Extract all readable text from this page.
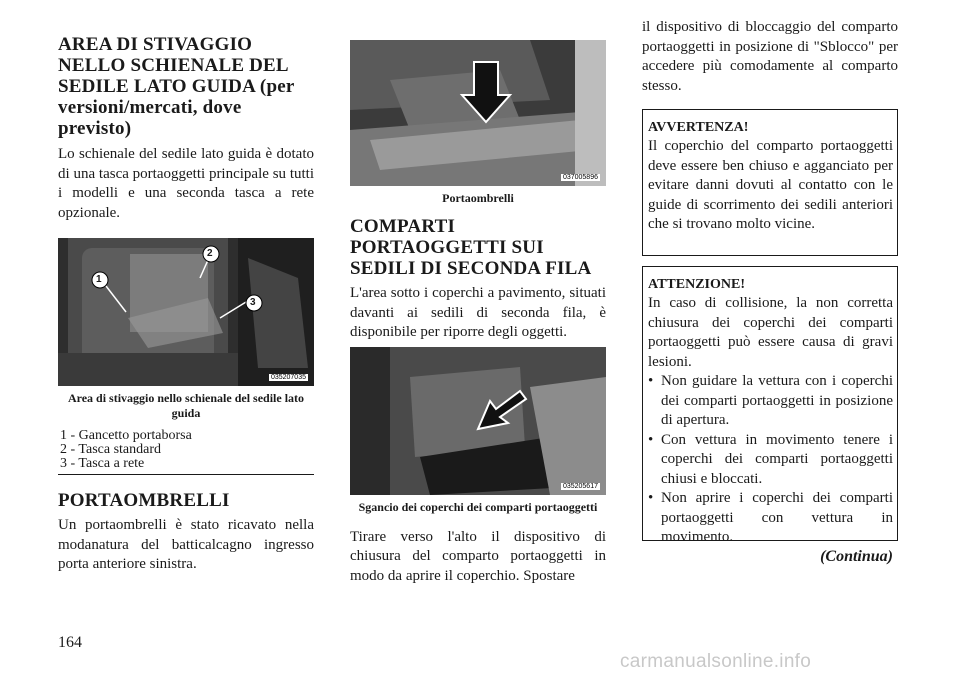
AREA DI STIVAGGIO NELLO SCHIENALE DEL SEDILE LATO GUIDA (per versioni/mercati, dove previsto)

Lo schienale del sedile lato guida è dotato di una tasca portaoggetti principale su tutti i modelli e una seconda tasca a rete opzionale.

1
2
3
035207035

Area di stivaggio nello schienale del sedile lato guida

1 - Gancetto portaborsa

2 - Tasca standard

3 - Tasca a rete

PORTAOMBRELLI

Un portaombrelli è stato ricavato nella modanatura del batticalcagno ingresso porta anteriore sinistra.

037005896

Portaombrelli

COMPARTI PORTAOGGETTI SUI SEDILI DI SECONDA FILA

L'area sotto i coperchi a pavimento, situati davanti ai sedili di seconda fila, è disponibile per riporre degli oggetti.

035205617

Sgancio dei coperchi dei comparti portaoggetti

Tirare verso l'alto il dispositivo di chiusura del comparto portaoggetti in modo da aprire il coperchio. Spostare

il dispositivo di bloccaggio del comparto portaoggetti in posizione di "Sblocco" per accedere più comodamente al comparto stesso.

AVVERTENZA!

Il coperchio del comparto portaoggetti deve essere ben chiuso e agganciato per evitare danni dovuti al contatto con le guide di scorrimento dei sedili anteriori che si trovano molto vicine.

ATTENZIONE!

In caso di collisione, la non corretta chiusura dei coperchi dei comparti portaoggetti può essere causa di gravi lesioni.

• Non guidare la vettura con i coperchi dei comparti portaoggetti in posizione di apertura.
• Con vettura in movimento tenere i coperchi dei comparti portaoggetti chiusi e bloccati.
• Non aprire i coperchi dei comparti portaoggetti con vettura in movimento.

(Continua)

164
carmanualsonline.info
